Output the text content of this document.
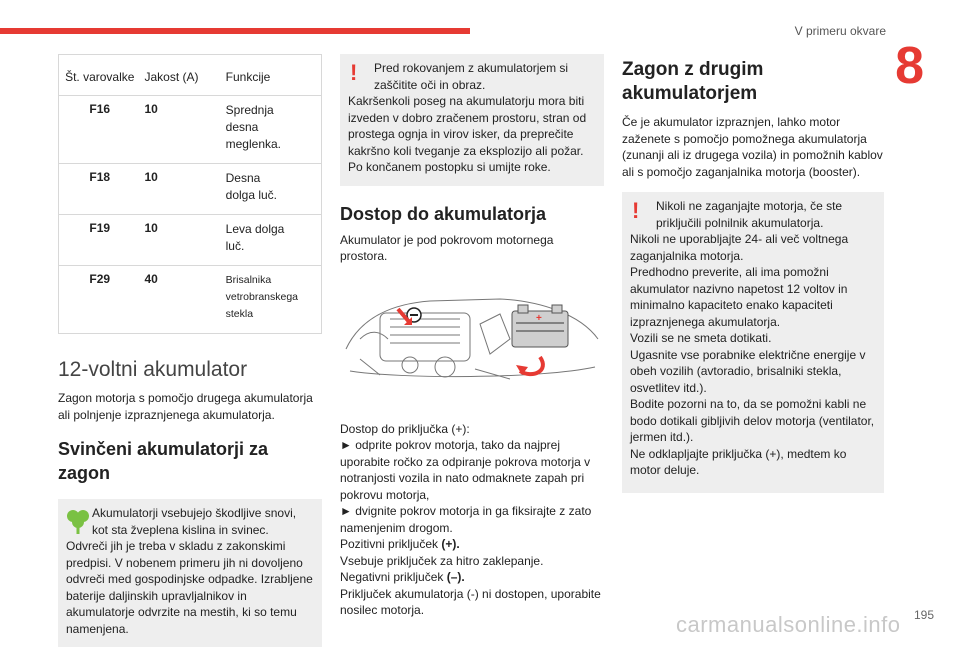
V primeru okvare
8
Št. varovalke	Jakost (A)	Funkcije
F16	10	Sprednja desna meglenka.
F18	10	Desna dolga luč.
F19	10	Leva dolga luč.
F29	40	Brisalnika vetrobranskega stekla
12-voltni akumulator

Zagon motorja s pomočjo drugega akumulatorja ali polnjenje izpraznjenega akumulatorja.

Svinčeni akumulatorji za zagon
Akumulatorji vsebujejo škodljive snovi, kot sta žveplena kislina in svinec.
Odvreči jih je treba v skladu z zakonskimi predpisi. V nobenem primeru jih ni dovoljeno odvreči med gospodinjske odpadke. Izrabljene baterije daljinskih upravljalnikov in akumulatorje odvrzite na mestih, ki so temu namenjena.
!	Pred rokovanjem z akumulatorjem si zaščitite oči in obraz.
Kakršenkoli poseg na akumulatorju mora biti izveden v dobro zračenem prostoru, stran od prostega ognja in virov isker, da preprečite kakršno koli tveganje za eksplozijo ali požar. Po končanem postopku si umijte roke.
Dostop do akumulatorja

Akumulator je pod pokrovom motornega prostora.

+

Dostop do priključka (+):

► odprite pokrov motorja, tako da najprej uporabite ročko za odpiranje pokrova motorja v notranjosti vozila in nato odmaknete zapah pri pokrovu motorja,

► dvignite pokrov motorja in ga fiksirajte z zato namenjenim drogom.

Pozitivni priključek (+).

Vsebuje priključek za hitro zaklepanje.

Negativni priključek (–).

Priključek akumulatorja (-) ni dostopen, uporabite nosilec motorja.

Zagon z drugim akumulatorjem

Če je akumulator izpraznjen, lahko motor zaženete s pomočjo pomožnega akumulatorja (zunanji ali iz drugega vozila) in pomožnih kablov ali s pomočjo zaganjalnika motorja (booster).

!	Nikoli ne zaganjajte motorja, če ste priključili polnilnik akumulatorja.
Nikoli ne uporabljajte 24- ali več voltnega zaganjalnika motorja.
Predhodno preverite, ali ima pomožni akumulator nazivno napetost 12 voltov in minimalno kapaciteto enako kapaciteti izpraznjenega akumulatorja.
Vozili se ne smeta dotikati.
Ugasnite vse porabnike električne energije v obeh vozilih (avtoradio, brisalniki stekla, osvetlitev itd.).
Bodite pozorni na to, da se pomožni kabli ne bodo dotikali gibljivih delov motorja (ventilator, jermen itd.).
Ne odklapljajte priključka (+), medtem ko motor deluje.
195
carmanualsonline.info
